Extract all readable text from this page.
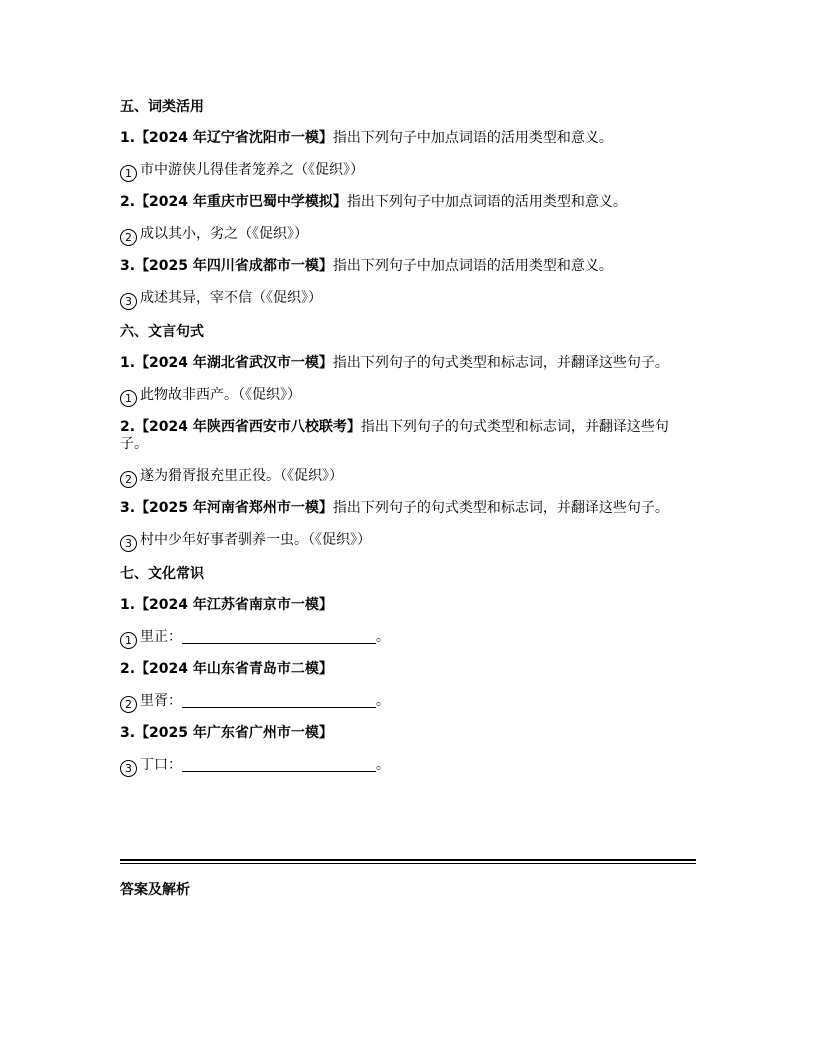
五、词类活用
1.【2024 年辽宁省沈阳市一模】指出下列句子中加点词语的活用类型和意义。
1 市中游侠儿得佳者笼养之（《促织》）
2.【2024 年重庆市巴蜀中学模拟】指出下列句子中加点词语的活用类型和意义。
2 成以其小，劣之（《促织》）
3.【2025 年四川省成都市一模】指出下列句子中加点词语的活用类型和意义。
3 成述其异，宰不信（《促织》）
六、文言句式
1.【2024 年湖北省武汉市一模】指出下列句子的句式类型和标志词，并翻译这些句子。
1 此物故非西产。（《促织》）
2.【2024 年陕西省西安市八校联考】指出下列句子的句式类型和标志词，并翻译这些句子。
2 遂为猾胥报充里正役。（《促织》）
3.【2025 年河南省郑州市一模】指出下列句子的句式类型和标志词，并翻译这些句子。
3 村中少年好事者驯养一虫。（《促织》）
七、文化常识
1.【2024 年江苏省南京市一模】
1 里正：	。
2.【2024 年山东省青岛市二模】
2 里胥：	。
3.【2025 年广东省广州市一模】
3 丁口：	。
答案及解析
